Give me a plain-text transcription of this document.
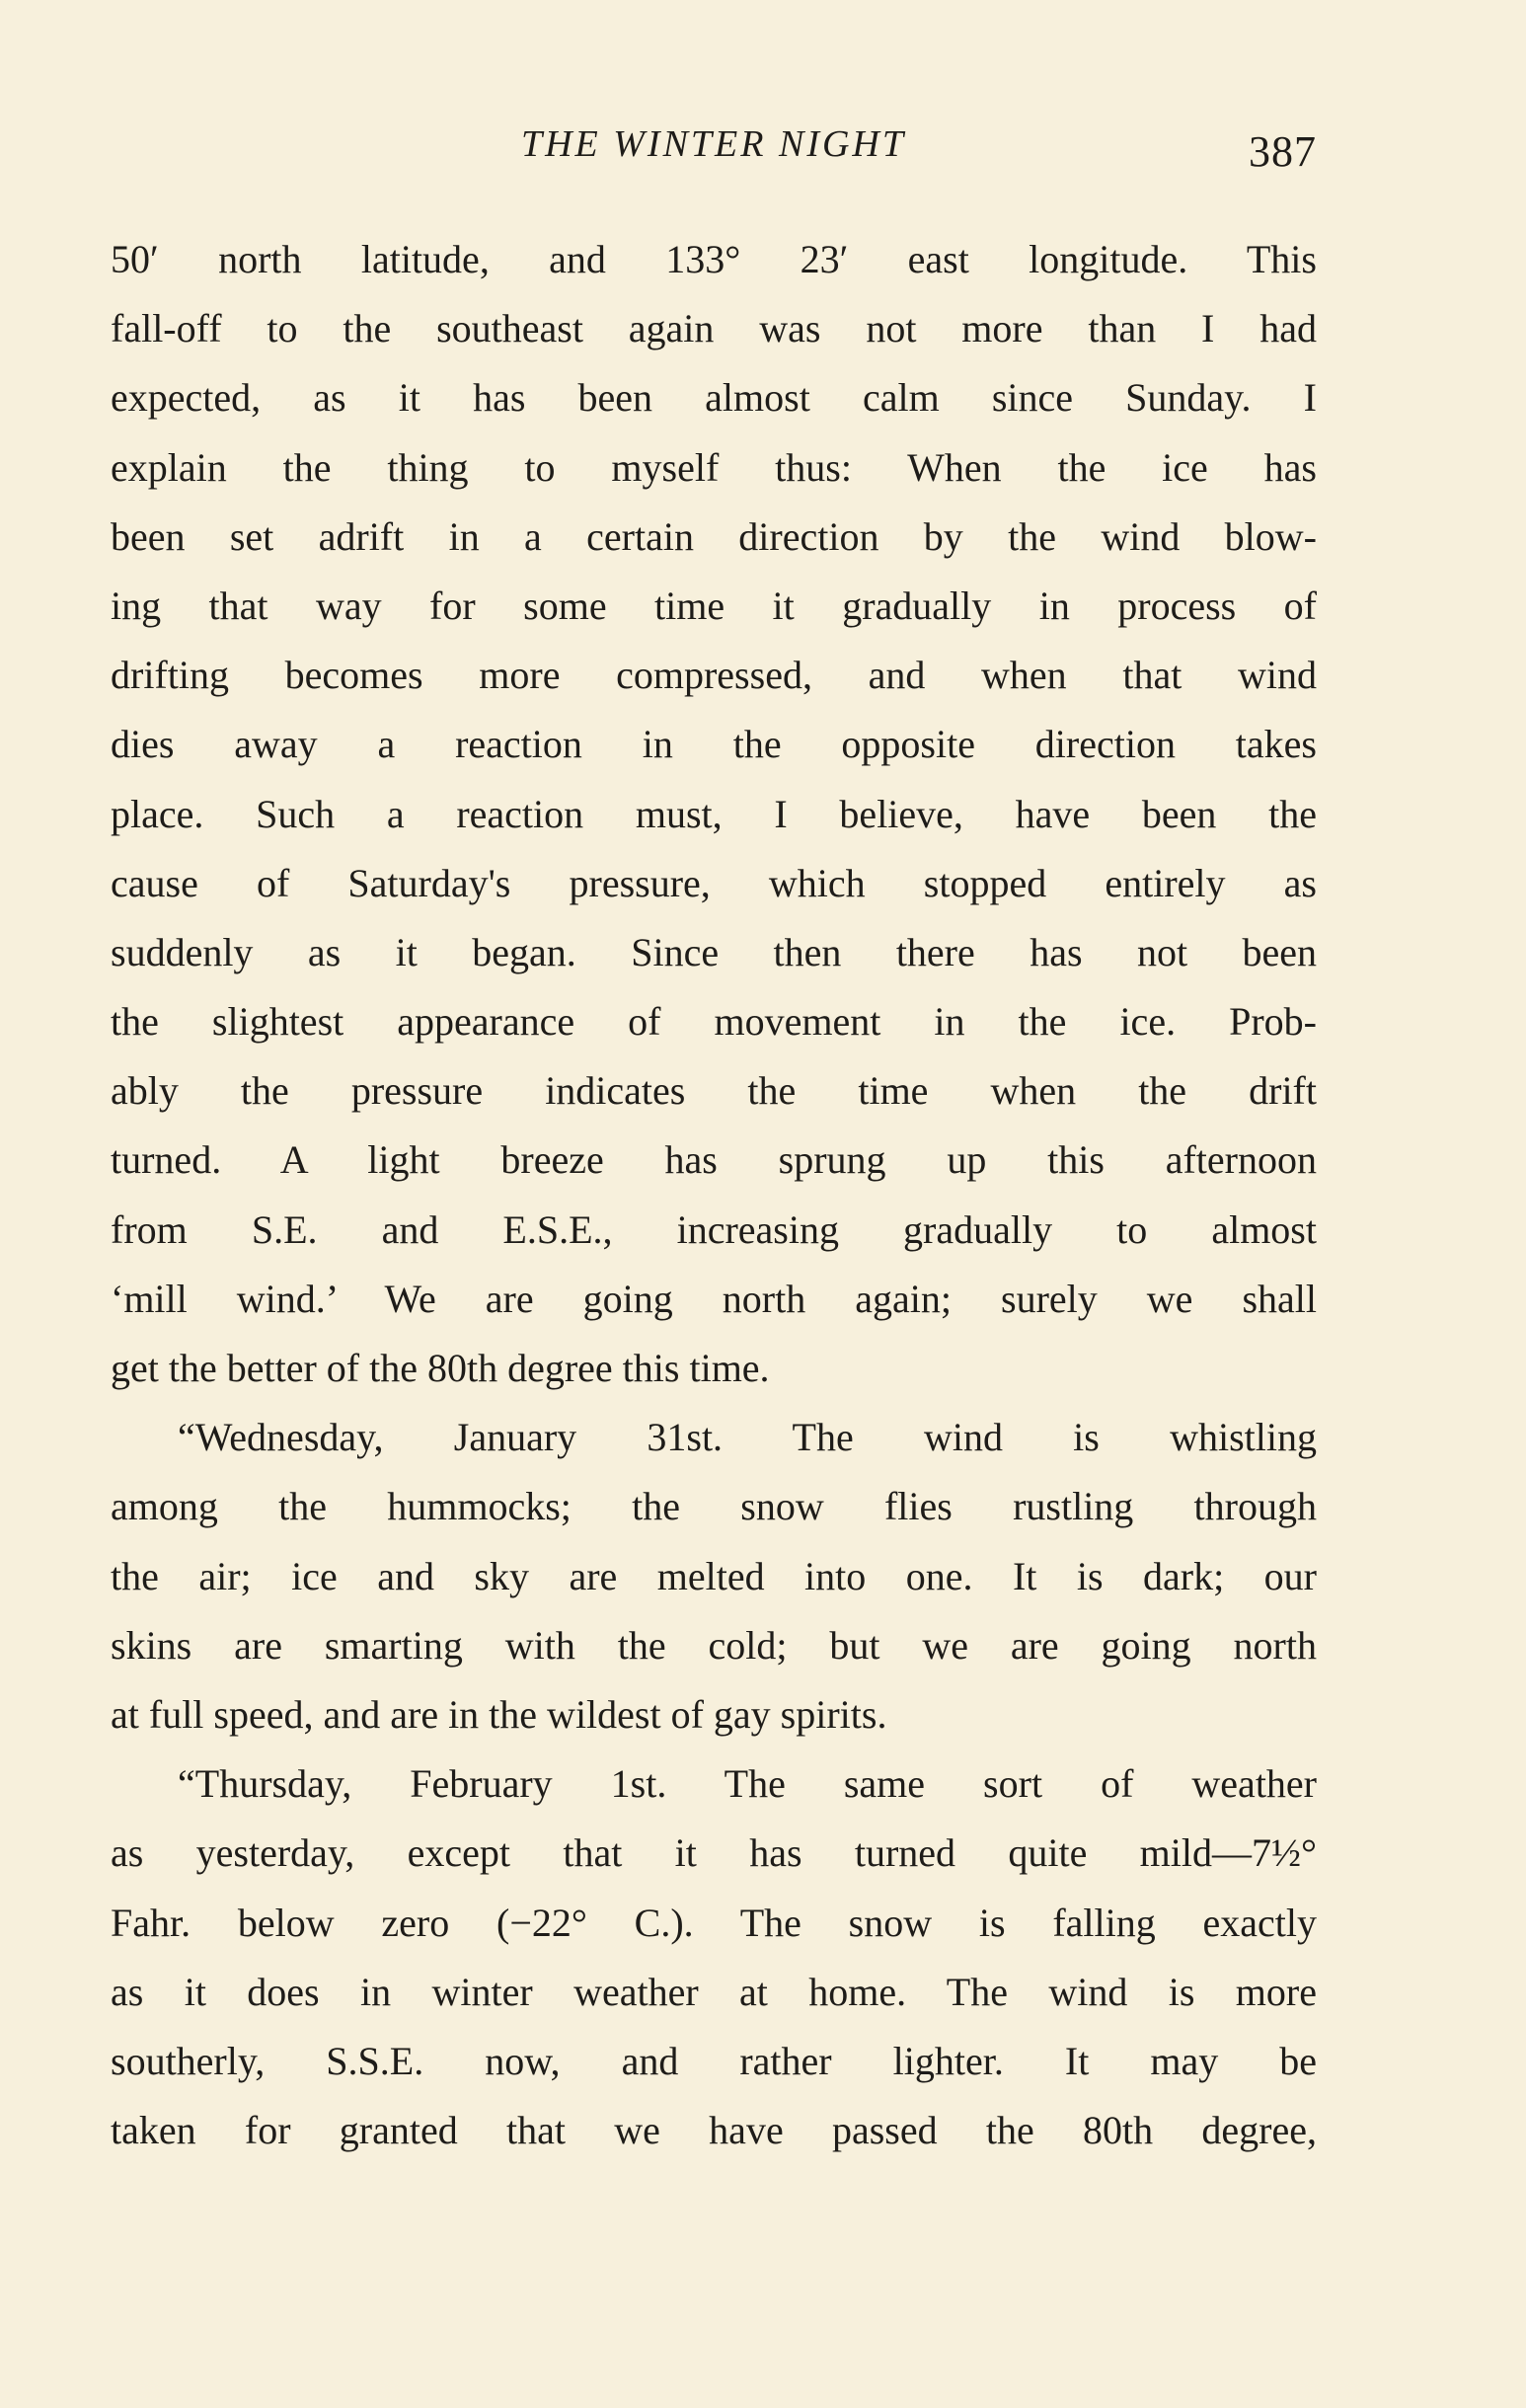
THE WINTER NIGHT	387
50′ north latitude, and 133° 23′ east longitude. This
fall-off to the southeast again was not more than I had
expected, as it has been almost calm since Sunday. I
explain the thing to myself thus: When the ice has
been set adrift in a certain direction by the wind blow-
ing that way for some time it gradually in process of
drifting becomes more compressed, and when that wind
dies away a reaction in the opposite direction takes
place. Such a reaction must, I believe, have been the
cause of Saturday's pressure, which stopped entirely as
suddenly as it began. Since then there has not been
the slightest appearance of movement in the ice. Prob-
ably the pressure indicates the time when the drift
turned. A light breeze has sprung up this afternoon
from S.E. and E.S.E., increasing gradually to almost
‘mill wind.’ We are going north again; surely we shall
get the better of the 80th degree this time.
“Wednesday, January 31st. The wind is whistling
among the hummocks; the snow flies rustling through
the air; ice and sky are melted into one. It is dark; our
skins are smarting with the cold; but we are going north
at full speed, and are in the wildest of gay spirits.
“Thursday, February 1st. The same sort of weather
as yesterday, except that it has turned quite mild—7½°
Fahr. below zero (−22° C.). The snow is falling exactly
as it does in winter weather at home. The wind is more
southerly, S.S.E. now, and rather lighter. It may be
taken for granted that we have passed the 80th degree,
